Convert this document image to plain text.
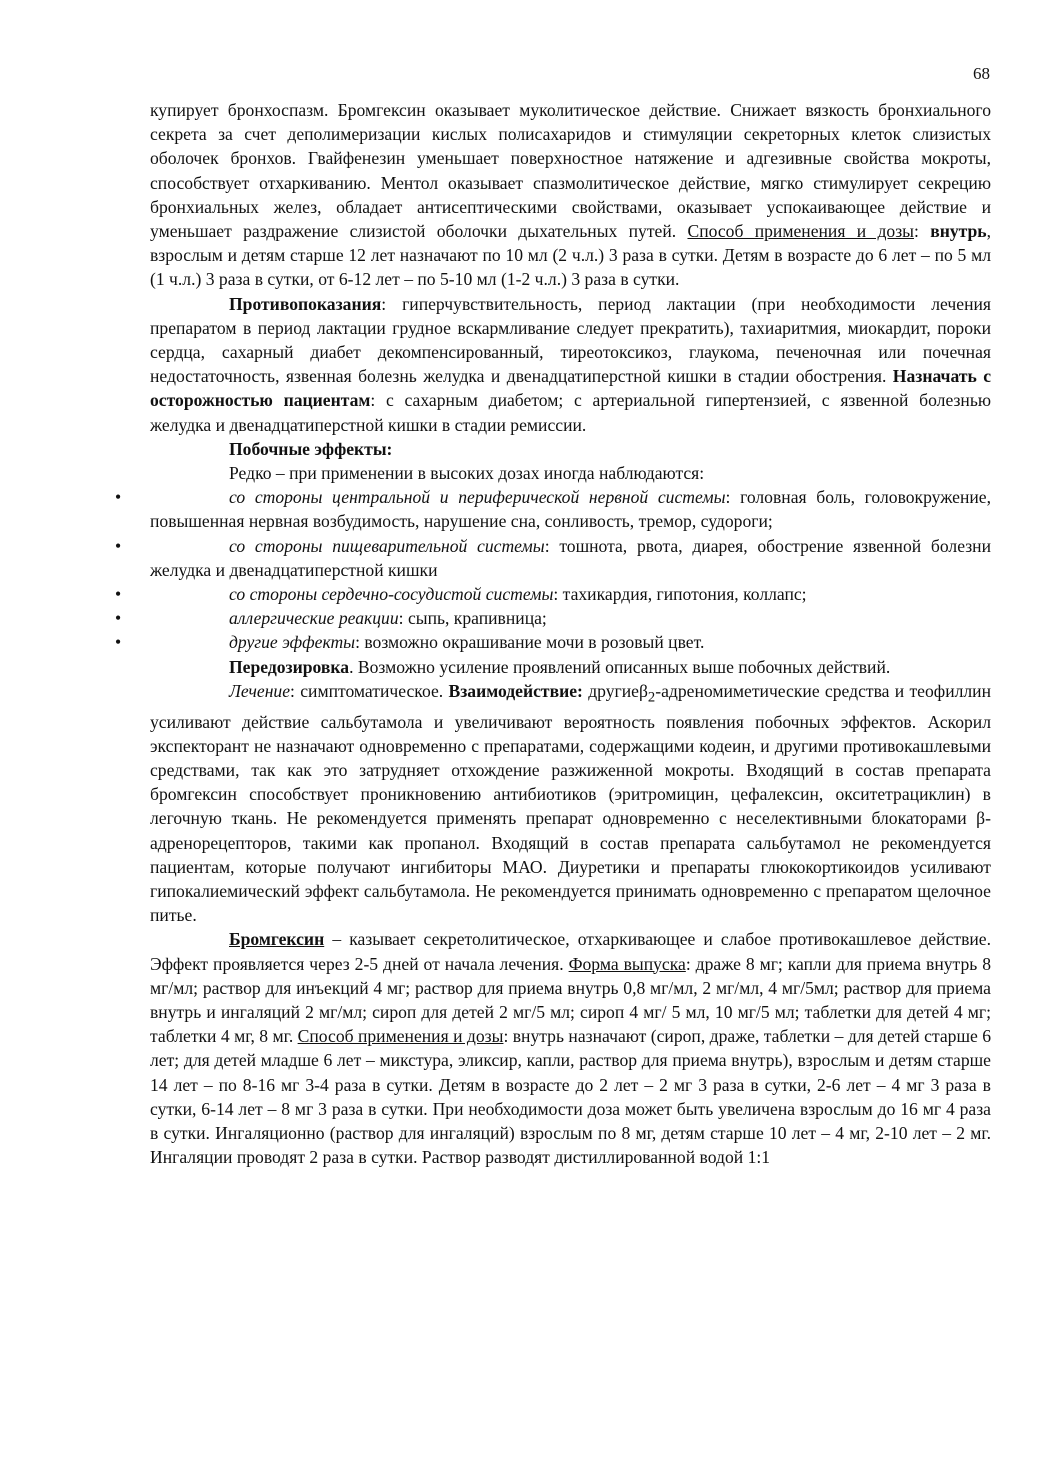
68

купирует бронхоспазм. Бромгексин оказывает муколитическое действие. Снижает вязкость бронхиального секрета за счет деполимеризации кислых полисахаридов и стимуляции секреторных клеток слизистых оболочек бронхов. Гвайфенезин уменьшает поверхностное натяжение и адгезивные свойства мокроты, способствует отхаркиванию. Ментол оказывает спазмолитическое действие, мягко стимулирует секрецию бронхиальных желез, обладает антисептическими свойствами, оказывает успокаивающее действие и уменьшает раздражение слизистой оболочки дыхательных путей. Способ применения и дозы: внутрь, взрослым и детям старше 12 лет назначают по 10 мл (2 ч.л.) 3 раза в сутки. Детям в возрасте до 6 лет – по 5 мл (1 ч.л.) 3 раза в сутки, от 6-12 лет – по 5-10 мл (1-2 ч.л.) 3 раза в сутки.

Противопоказания: гиперчувствительность, период лактации (при необходимости лечения препаратом в период лактации грудное вскармливание следует прекратить), тахиаритмия, миокардит, пороки сердца, сахарный диабет декомпенсированный, тиреотоксикоз, глаукома, печеночная или почечная недостаточность, язвенная болезнь желудка и двенадцатиперстной кишки в стадии обострения. Назначать с осторожностью пациентам: с сахарным диабетом; с артериальной гипертензией, с язвенной болезнью желудка и двенадцатиперстной кишки в стадии ремиссии.

Побочные эффекты:

Редко – при применении в высоких дозах иногда наблюдаются:

• со стороны центральной и периферической нервной системы: головная боль, головокружение, повышенная нервная возбудимость, нарушение сна, сонливость, тремор, судороги;

• со стороны пищеварительной системы: тошнота, рвота, диарея, обострение язвенной болезни желудка и двенадцатиперстной кишки

• со стороны сердечно-сосудистой системы: тахикардия, гипотония, коллапс;

• аллергические реакции: сыпь, крапивница;

• другие эффекты: возможно окрашивание мочи в розовый цвет.

Передозировка. Возможно усиление проявлений описанных выше побочных действий.

Лечение: симптоматическое. Взаимодействие: другиеβ$_2$-адреномиметические средства и теофиллин усиливают действие сальбутамола и увеличивают вероятность появления побочных эффектов. Аскорил экспекторант не назначают одновременно с препаратами, содержащими кодеин, и другими противокашлевыми средствами, так как это затрудняет отхождение разжиженной мокроты. Входящий в состав препарата бромгексин способствует проникновению антибиотиков (эритромицин, цефалексин, окситетрациклин) в легочную ткань. Не рекомендуется применять препарат одновременно с неселективными блокаторами β-адренорецепторов, такими как пропанол. Входящий в состав препарата сальбутамол не рекомендуется пациентам, которые получают ингибиторы МАО. Диуретики и препараты глюкокортикоидов усиливают гипокалиемический эффект сальбутамола. Не рекомендуется принимать одновременно с препаратом щелочное питье.

Бромгексин – казывает секретолитическое, отхаркивающее и слабое противокашлевое действие. Эффект проявляется через 2-5 дней от начала лечения. Форма выпуска: драже 8 мг; капли для приема внутрь 8 мг/мл; раствор для инъекций 4 мг; раствор для приема внутрь 0,8 мг/мл, 2 мг/мл, 4 мг/5мл; раствор для приема внутрь и ингаляций 2 мг/мл; сироп для детей 2 мг/5 мл; сироп 4 мг/ 5 мл, 10 мг/5 мл; таблетки для детей 4 мг; таблетки 4 мг, 8 мг. Способ применения и дозы: внутрь назначают (сироп, драже, таблетки – для детей старше 6 лет; для детей младше 6 лет – микстура, эликсир, капли, раствор для приема внутрь), взрослым и детям старше 14 лет – по 8-16 мг 3-4 раза в сутки. Детям в возрасте до 2 лет – 2 мг 3 раза в сутки, 2-6 лет – 4 мг 3 раза в сутки, 6-14 лет – 8 мг 3 раза в сутки. При необходимости доза может быть увеличена взрослым до 16 мг 4 раза в сутки. Ингаляционно (раствор для ингаляций) взрослым по 8 мг, детям старше 10 лет – 4 мг, 2-10 лет – 2 мг. Ингаляции проводят 2 раза в сутки. Раствор разводят дистиллированной водой 1:1
